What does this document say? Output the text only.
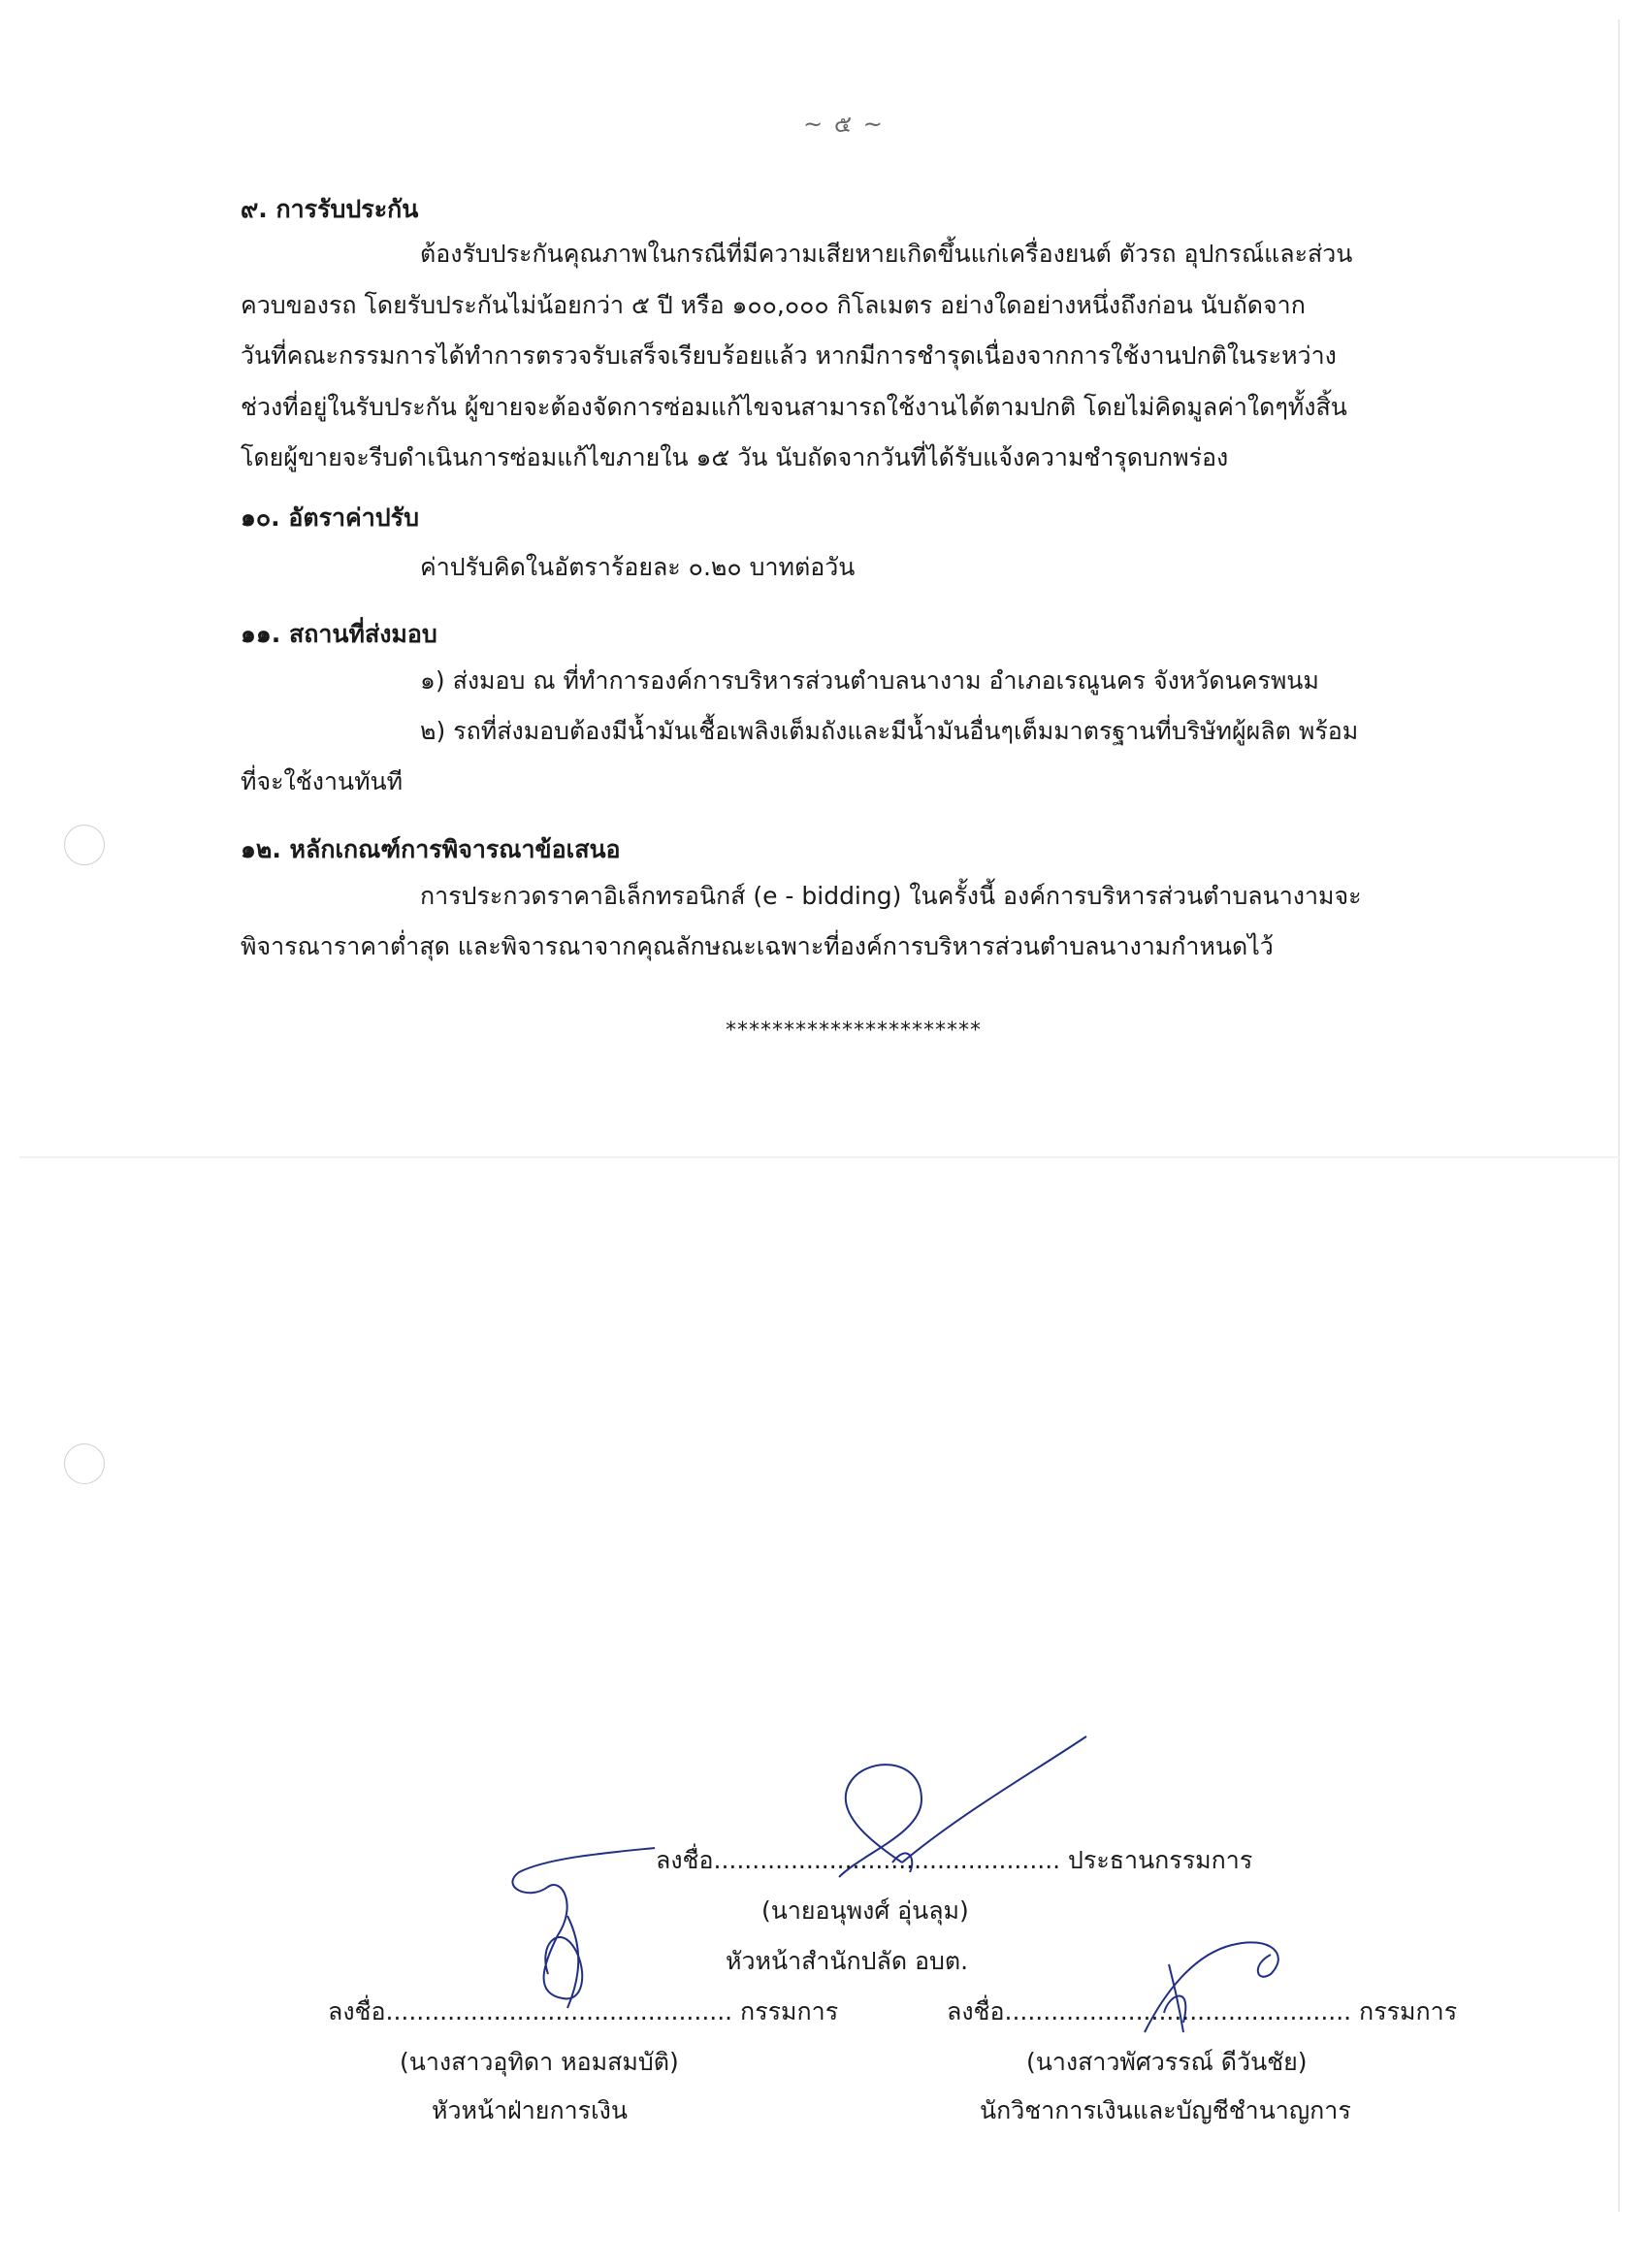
~ ๕ ~
๙. การรับประกัน

ต้องรับประกันคุณภาพในกรณีที่มีความเสียหายเกิดขึ้นแก่เครื่องยนต์ ตัวรถ อุปกรณ์และส่วน

ควบของรถ โดยรับประกันไม่น้อยกว่า ๕ ปี หรือ ๑๐๐,๐๐๐ กิโลเมตร อย่างใดอย่างหนึ่งถึงก่อน นับถัดจาก

วันที่คณะกรรมการได้ทำการตรวจรับเสร็จเรียบร้อยแล้ว หากมีการชำรุดเนื่องจากการใช้งานปกติในระหว่าง

ช่วงที่อยู่ในรับประกัน ผู้ขายจะต้องจัดการซ่อมแก้ไขจนสามารถใช้งานได้ตามปกติ โดยไม่คิดมูลค่าใดๆทั้งสิ้น

โดยผู้ขายจะรีบดำเนินการซ่อมแก้ไขภายใน ๑๕ วัน นับถัดจากวันที่ได้รับแจ้งความชำรุดบกพร่อง

๑๐. อัตราค่าปรับ
ค่าปรับคิดในอัตราร้อยละ ๐.๒๐ บาทต่อวัน
๑๑. สถานที่ส่งมอบ
๑) ส่งมอบ ณ ที่ทำการองค์การบริหารส่วนตำบลนางาม อำเภอเรณูนคร จังหวัดนครพนม
๒) รถที่ส่งมอบต้องมีน้ำมันเชื้อเพลิงเต็มถังและมีน้ำมันอื่นๆเต็มมาตรฐานที่บริษัทผู้ผลิต พร้อม
ที่จะใช้งานทันที
๑๒. หลักเกณฑ์การพิจารณาข้อเสนอ
การประกวดราคาอิเล็กทรอนิกส์ (e - bidding) ในครั้งนี้ องค์การบริหารส่วนตำบลนางามจะ
พิจารณาราคาต่ำสุด และพิจารณาจากคุณลักษณะเฉพาะที่องค์การบริหารส่วนตำบลนางามกำหนดไว้
**********************
ลงชื่อ............................................. ประธานกรรมการ
(นายอนุพงศ์ อุ่นลุม)
หัวหน้าสำนักปลัด อบต.
ลงชื่อ............................................. กรรมการ
(นางสาวอุทิดา หอมสมบัติ)
หัวหน้าฝ่ายการเงิน
ลงชื่อ............................................. กรรมการ
(นางสาวพัศวรรณ์ ดีวันชัย)
นักวิชาการเงินและบัญชีชำนาญการ
